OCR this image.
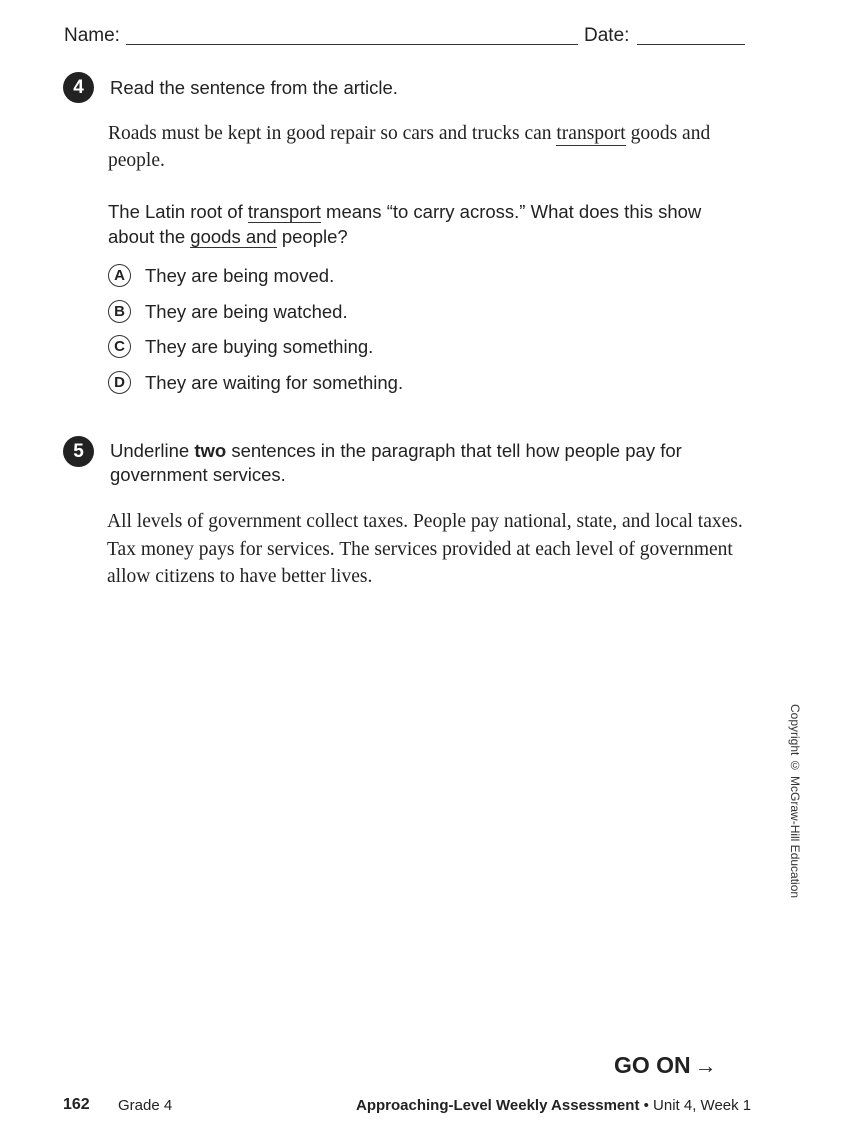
Name:	Date:
4	Read the sentence from the article.
Roads must be kept in good repair so cars and trucks can transport goods and people.
The Latin root of transport means “to carry across.” What does this show about the goods and people?
A	They are being moved.
B	They are being watched.
C	They are buying something.
D	They are waiting for something.
5	Underline two sentences in the paragraph that tell how people pay for government services.
All levels of government collect taxes. People pay national, state, and local taxes. Tax money pays for services. The services provided at each level of government allow citizens to have better lives.
Copyright © McGraw-Hill Education
GO ON →
162 Grade 4	Approaching-Level Weekly Assessment • Unit 4, Week 1
